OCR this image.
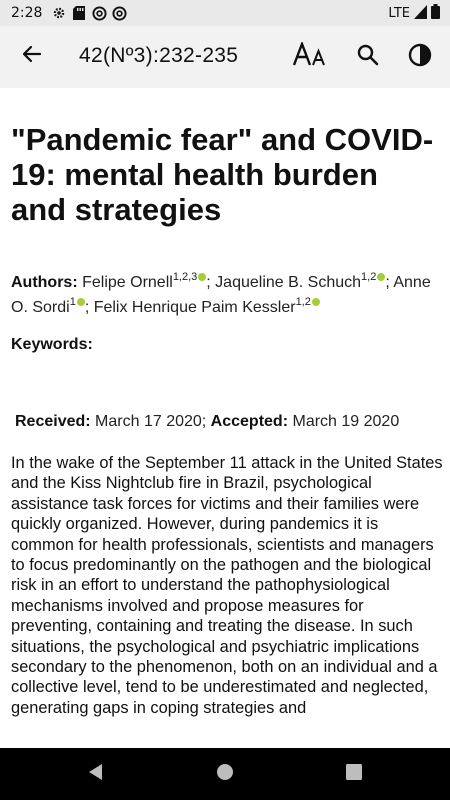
2:28	LTE
42(Nº3):232-235
"Pandemic fear" and COVID-19: mental health burden and strategies

Authors: Felipe Ornell$^{1,2,3}$ ; Jaqueline B. Schuch$^{1,2}$ ; Anne O. Sordi$^1$ ; Felix Henrique Paim Kessler$^{1,2}$

Keywords:
Received: March 17 2020; Accepted: March 19 2020

In the wake of the September 11 attack in the United States and the Kiss Nightclub fire in Brazil, psychological assistance task forces for victims and their families were quickly organized. However, during pandemics it is common for health professionals, scientists and managers to focus predominantly on the pathogen and the biological risk in an effort to understand the pathophysiological mechanisms involved and propose measures for preventing, containing and treating the disease. In such situations, the psychological and psychiatric implications secondary to the phenomenon, both on an individual and a collective level, tend to be underestimated and neglected, generating gaps in coping strategies and
